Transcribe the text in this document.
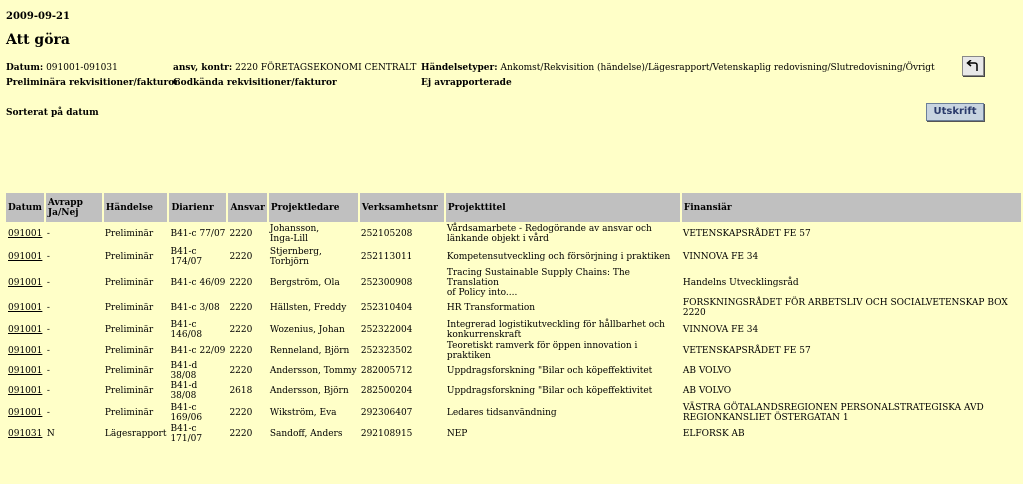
2009-09-21
Att göra
Datum: 091001-091031	ansv, kontr: 2220 FÖRETAGSEKONOMI CENTRALT Händelsetyper: Ankomst/Rekvisition (händelse)/Lägesrapport/Vetenskaplig redovisning/Slutredovisning/Övrigt
Preliminära rekvisitioner/fakturor
Godkända rekvisitioner/fakturor	Ej avrapporterade
Sorterat på datum	Utskrift
Datum	Avrapp
Ja/Nej	Händelse	Diarienr	Ansvar	Projektledare	Verksamhetsnr	Projekttitel	Finansiär
091001	-	Preliminär	B41-c 77/07	2220	Johansson,
Inga-Lill	252105208	Vårdsamarbete - Redogörande av ansvar och
länkande objekt i vård	VETENSKAPSRÅDET FE 57
091001	-	Preliminär	B41-c 174/07	2220	Stjernberg,
Torbjörn	252113011	Kompetensutveckling och försörjning i praktiken	VINNOVA FE 34
091001	-	Preliminär	B41-c 46/09	2220	Bergström, Ola	252300908	Tracing Sustainable Supply Chains: The Translation
of Policy into....	Handelns Utvecklingsråd
091001	-	Preliminär	B41-c 3/08	2220	Hällsten, Freddy	252310404	HR Transformation	FORSKNINGSRÅDET FÖR ARBETSLIV OCH SOCIALVETENSKAP BOX 2220
091001	-	Preliminär	B41-c 146/08	2220	Wozenius, Johan	252322004	Integrerad logistikutveckling för hållbarhet och
konkurrenskraft	VINNOVA FE 34
091001	-	Preliminär	B41-c 22/09	2220	Renneland, Björn	252323502	Teoretiskt ramverk för öppen innovation i praktiken	VETENSKAPSRÅDET FE 57
091001	-	Preliminär	B41-d 38/08	2220	Andersson, Tommy	282005712	Uppdragsforskning "Bilar och köpeffektivitet	AB VOLVO
091001	-	Preliminär	B41-d 38/08	2618	Andersson, Björn	282500204	Uppdragsforskning "Bilar och köpeffektivitet	AB VOLVO
091001	-	Preliminär	B41-c 169/06	2220	Wikström, Eva	292306407	Ledares tidsanvändning	VÄSTRA GÖTALANDSREGIONEN PERSONALSTRATEGISKA AVD
REGIONKANSLIET ÖSTERGATAN 1
091031	N	Lägesrapport	B41-c 171/07	2220	Sandoff, Anders	292108915	NEP	ELFORSK AB
